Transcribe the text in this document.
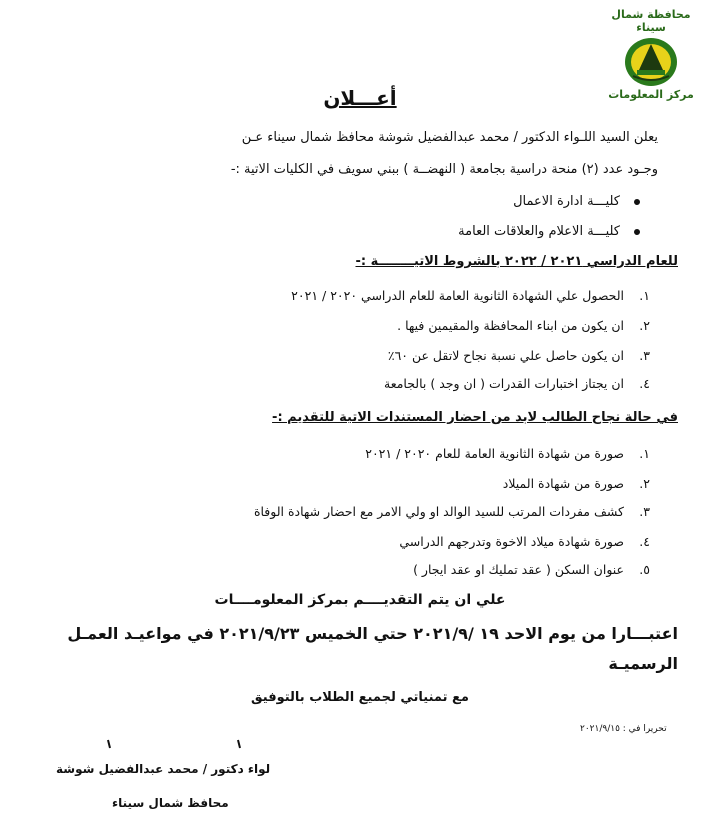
محافظة شمال سيناء
مركز المعلومات
أعـــلان
يعلن السيد اللـواء الدكتور / محمد عبدالفضيل شوشة محافظ شمال سيناء عـن
وجـود عدد (٢) منحة دراسية بجامعة ( النهضــة ) ببني سويف في الكليات الاتية :-
كليـــة ادارة الاعمال
كليـــة الاعلام والعلاقات العامة
للعام الدراسي ٢٠٢١ / ٢٠٢٢ بالشروط الاتيــــــــة :-
١. الحصول علي الشهادة الثانوية العامة للعام الدراسي ٢٠٢٠ / ٢٠٢١
٢. ان يكون من ابناء المحافظة والمقيمين فيها .
٣. ان يكون حاصل علي نسبة نجاح لاتقل عن ٦٠٪
٤. ان يجتاز اختبارات القدرات ( ان وجد ) بالجامعة
في حالة نجاح الطالب لابد من احضار المستندات الاتية للتقديم :-
١. صورة من شهادة الثانوية العامة للعام ٢٠٢٠ / ٢٠٢١
٢. صورة من شهادة الميلاد
٣. كشف مفردات المرتب للسيد الوالد او ولي الامر مع احضار شهادة الوفاة
٤. صورة شهادة ميلاد الاخوة وتدرجهم الدراسي
٥. عنوان السكن ( عقد تمليك او عقد ايجار )
علي ان يتم التقديــــم بمركز المعلومــــات
اعتبـــارا من يوم الاحد ١٩ /٢٠٢١/٩ حتي الخميس ٢٠٢١/٩/٢٣ في مواعيـد العمـل
الرسميـة
مع تمنياتي لجميع الطلاب بالتوفيق
تحريرا في : ٢٠٢١/٩/١٥
لواء دكتور / محمد عبدالفضيل شوشة
محافظ شمال سيناء
